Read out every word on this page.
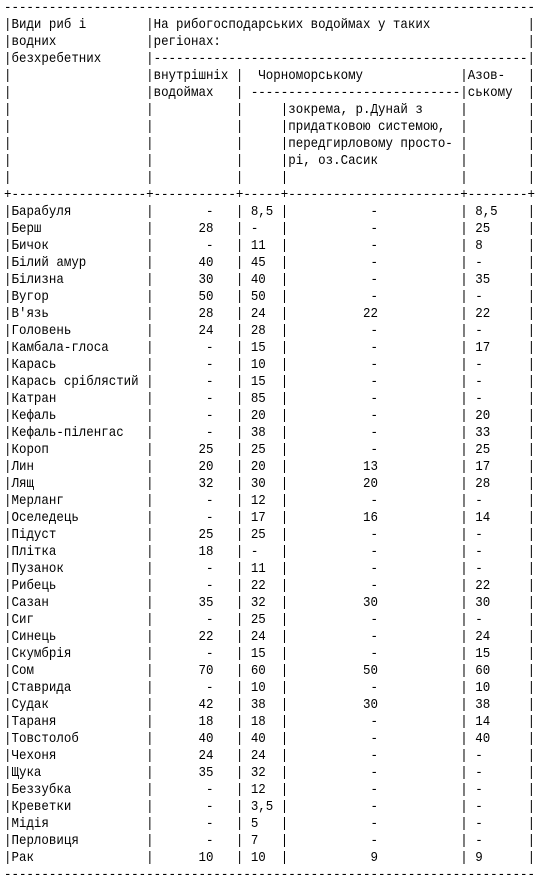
-----------------------------------------------------------------------
|Види риб і        |На рибогосподарських водоймах у таких             |
|водних            |регіонах:                                         |
|безхребетних      |--------------------------------------------------|
|	|внутрішніх | Чорноморському             |Азов-   |
|	|водоймах   | ----------------------------|ському  |
|	|	|	|зокрема, р.Дунай з     |	|
|	|	|	|придатковою системою,  |	|
|	|	|	|передгирловому просто- |	|
|	|	|	|рі, оз.Сасик           |	|
|	|	|	|	|	|
+------------------+-----------+-----+-----------------------+--------+
|Барабуля          |       -   | 8,5 |           -           | 8,5    |
|Берш              |      28   | -   |           -           | 25     |
|Бичок             |       -   | 11  |           -           | 8      |
|Білий амур        |      40   | 45  |           -           | -      |
|Білизна           |      30   | 40  |           -           | 35     |
|Вугор             |      50   | 50  |           -           | -      |
|В'язь             |      28   | 24  |          22           | 22     |
|Головень          |      24   | 28  |           -           | -      |
|Камбала-глоса     |       -   | 15  |           -           | 17     |
|Карась            |       -   | 10  |           -           | -      |
|Карась сріблястий |       -   | 15  |           -           | -      |
|Катран            |       -   | 85  |           -           | -      |
|Кефаль            |       -   | 20  |           -           | 20     |
|Кефаль-піленгас   |       -   | 38  |           -           | 33     |
|Короп             |      25   | 25  |           -           | 25     |
|Лин               |      20   | 20  |          13           | 17     |
|Лящ               |      32   | 30  |          20           | 28     |
|Мерланг           |       -   | 12  |           -           | -      |
|Оселедець         |       -   | 17  |          16           | 14     |
|Підуст            |      25   | 25  |           -           | -      |
|Плітка            |      18   | -   |           -           | -      |
|Пузанок           |       -   | 11  |           -           | -      |
|Рибець            |       -   | 22  |           -           | 22     |
|Сазан             |      35   | 32  |          30           | 30     |
|Сиг               |       -   | 25  |           -           | -      |
|Синець            |      22   | 24  |           -           | 24     |
|Скумбрія          |       -   | 15  |           -           | 15     |
|Сом               |      70   | 60  |          50           | 60     |
|Ставрида          |       -   | 10  |           -           | 10     |
|Судак             |      42   | 38  |          30           | 38     |
|Тараня            |      18   | 18  |           -           | 14     |
|Товстолоб         |      40   | 40  |           -           | 40     |
|Чехоня            |      24   | 24  |           -           | -      |
|Щука              |      35   | 32  |           -           | -      |
|Беззубка          |       -   | 12  |           -           | -      |
|Креветки          |       -   | 3,5 |           -           | -      |
|Мідія             |       -   | 5   |           -           | -      |
|Перловиця         |       -   | 7   |           -           | -      |
|Рак               |      10   | 10  |           9           | 9      |
-----------------------------------------------------------------------
